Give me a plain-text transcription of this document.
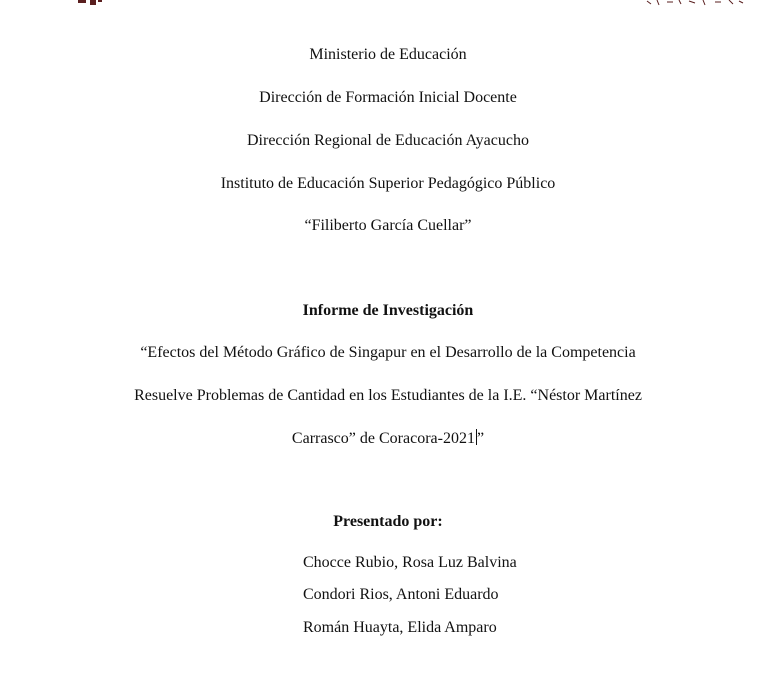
Ministerio de Educación
Dirección de Formación Inicial Docente
Dirección Regional de Educación Ayacucho
Instituto de Educación Superior Pedagógico Público
“Filiberto García Cuellar”
Informe de Investigación
“Efectos del Método Gráfico de Singapur en el Desarrollo de la Competencia
Resuelve Problemas de Cantidad en los Estudiantes de la I.E. “Néstor Martínez
Carrasco” de Coracora-2021 ”
Presentado por:
Chocce Rubio, Rosa Luz Balvina
Condori Rios, Antoni Eduardo
Román Huayta, Elida Amparo
